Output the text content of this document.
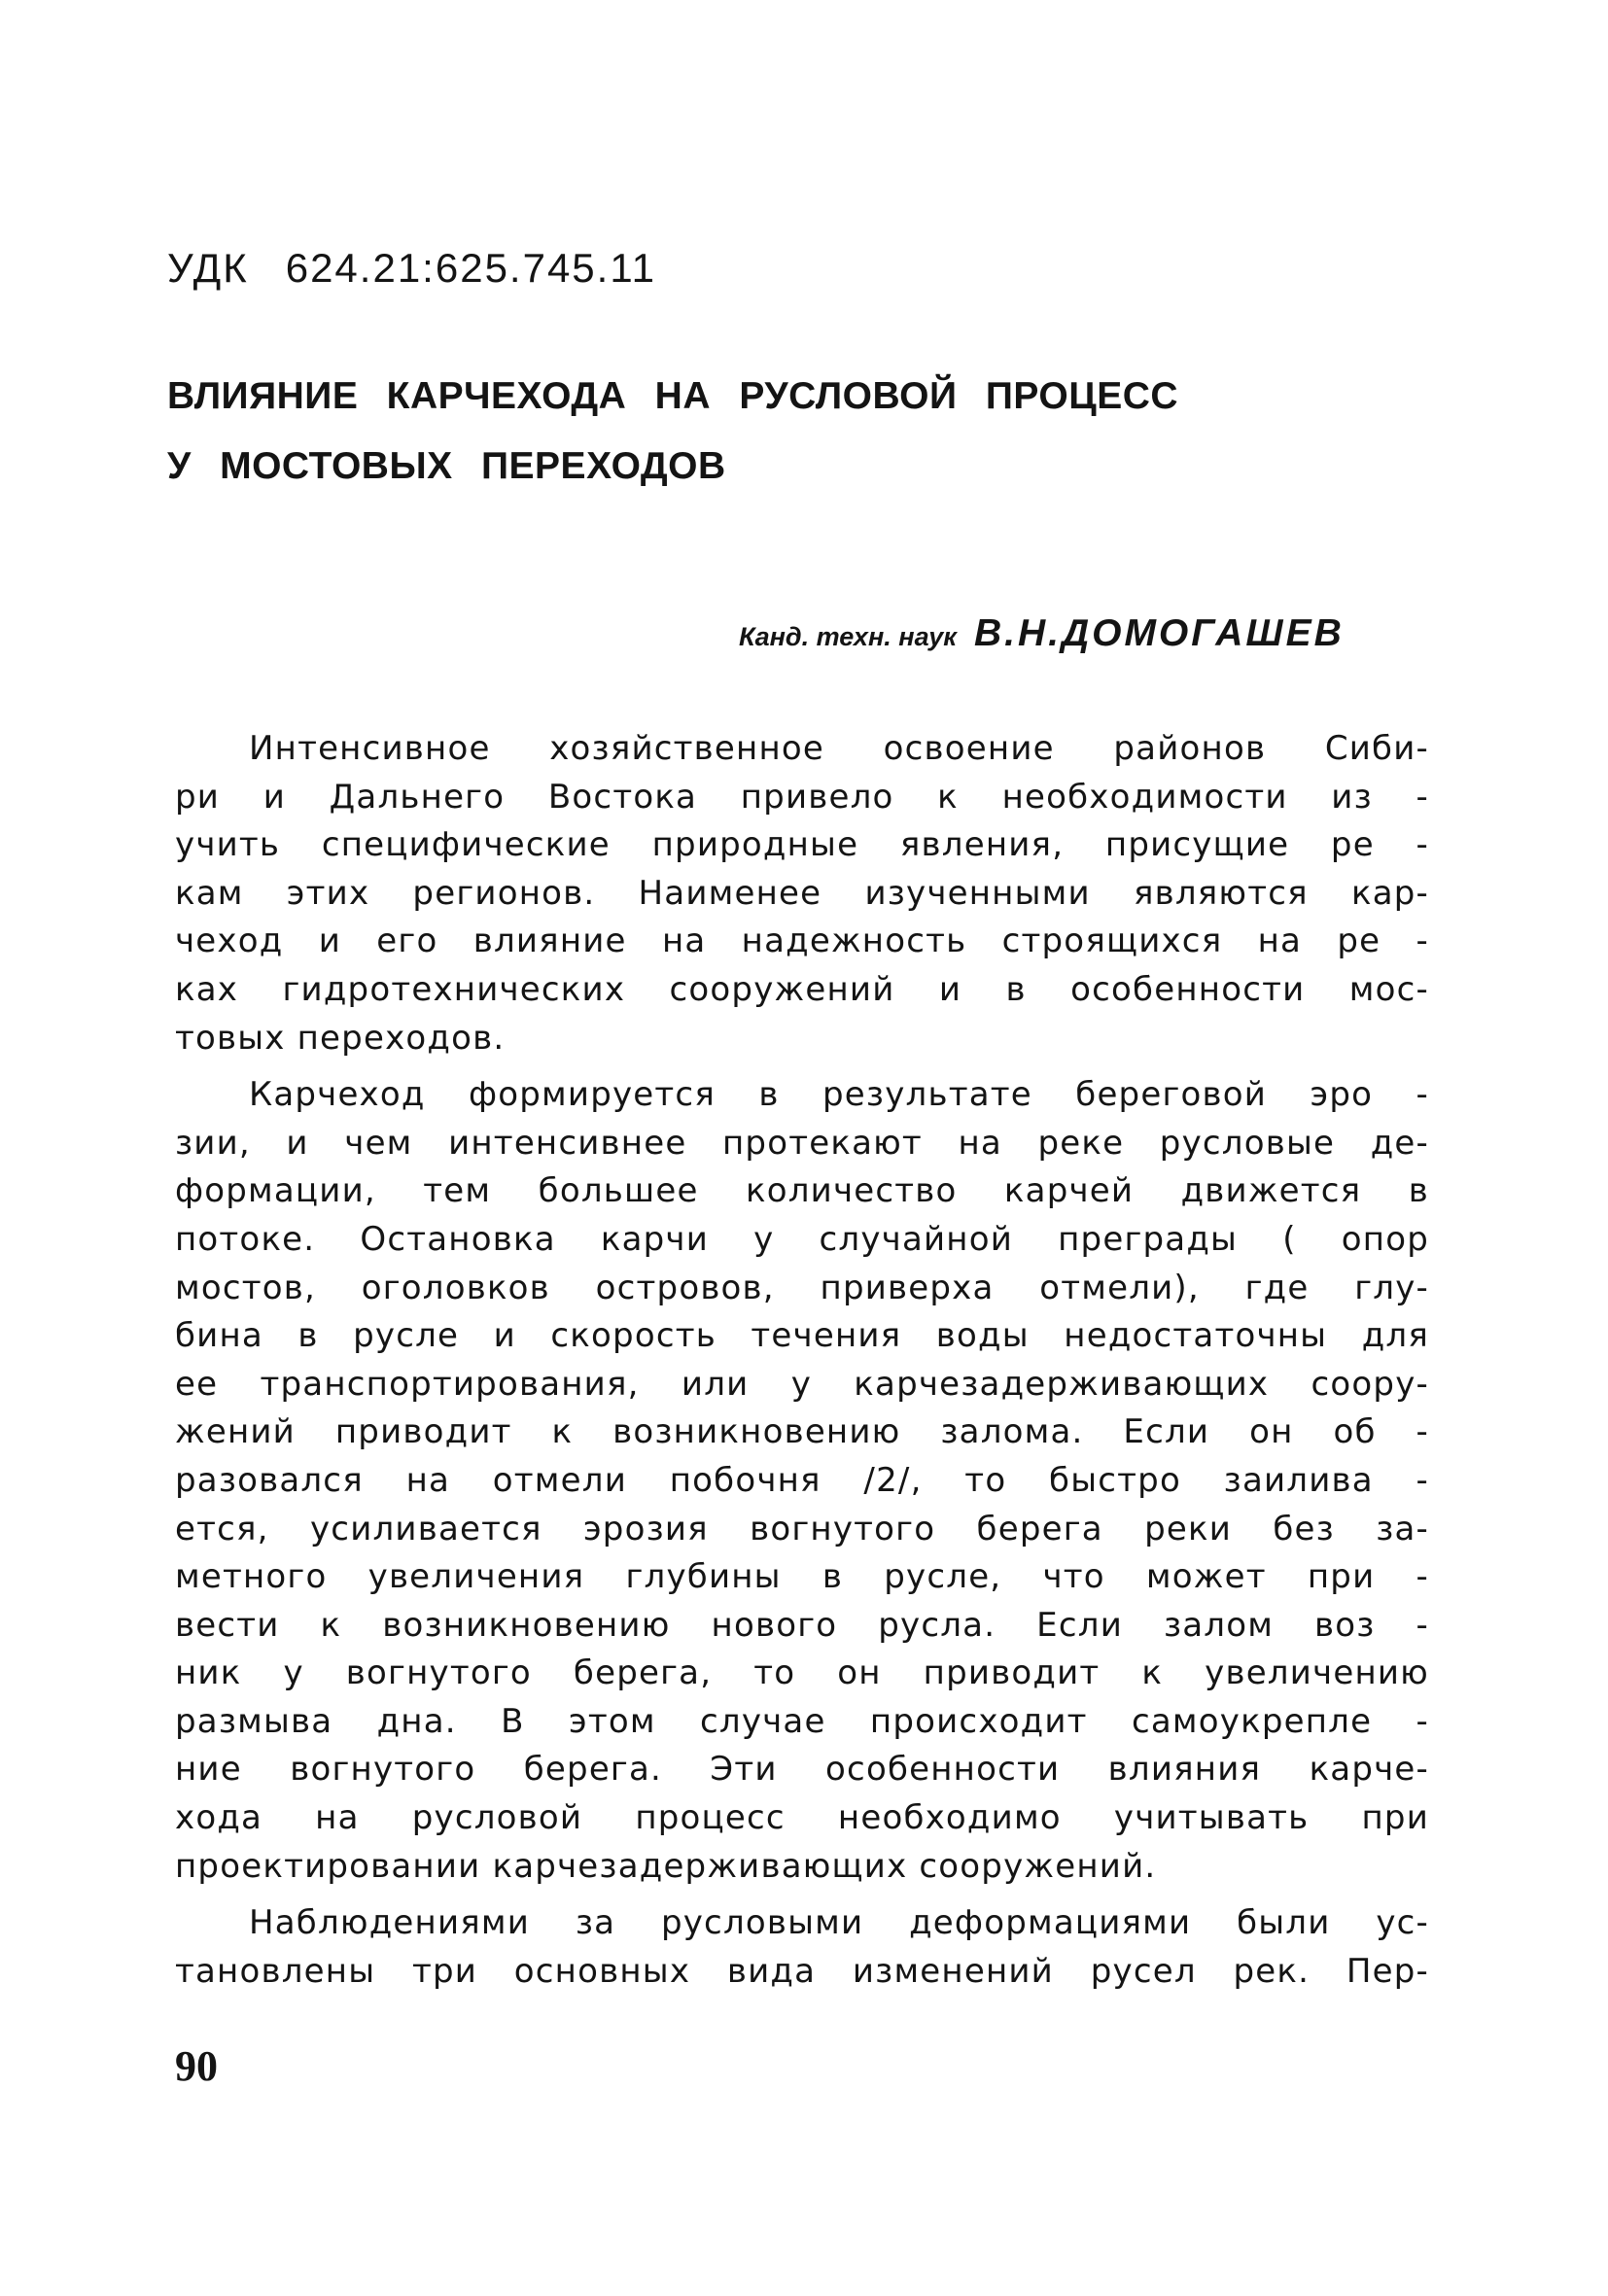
УДК 624.21:625.745.11
ВЛИЯНИЕ КАРЧЕХОДА НА РУСЛОВОЙ ПРОЦЕСС
У МОСТОВЫХ ПЕРЕХОДОВ
Канд. техн. наук В.Н.ДОМОГАШЕВ

Интенсивное хозяйственное освоение районов Сиби-
ри и Дальнего Востока привело к необходимости из -
учить специфические природные явления, присущие ре -
кам этих регионов. Наименее изученными являются кар-
чеход и его влияние на надежность строящихся на ре -
ках гидротехнических сооружений и в особенности мос-
товых переходов.

Карчеход формируется в результате береговой эро -
зии, и чем интенсивнее протекают на реке русловые де-
формации, тем большее количество карчей движется в
потоке. Остановка карчи у случайной преграды ( опор
мостов, оголовков островов, приверха отмели), где глу-
бина в русле и скорость течения воды недостаточны для
ее транспортирования, или у карчезадерживающих соору-
жений приводит к возникновению залома. Если он об -
разовался на отмели побочня /2/, то быстро заилива -
ется, усиливается эрозия вогнутого берега реки без за-
метного увеличения глубины в русле, что может при -
вести к возникновению нового русла. Если залом воз -
ник у вогнутого берега, то он приводит к увеличению
размыва дна. В этом случае происходит самоукрепле -
ние вогнутого берега. Эти особенности влияния карче-
хода на русловой процесс необходимо учитывать при
проектировании карчезадерживающих сооружений.

Наблюдениями за русловыми деформациями были ус-
тановлены три основных вида изменений русел рек. Пер-

90
